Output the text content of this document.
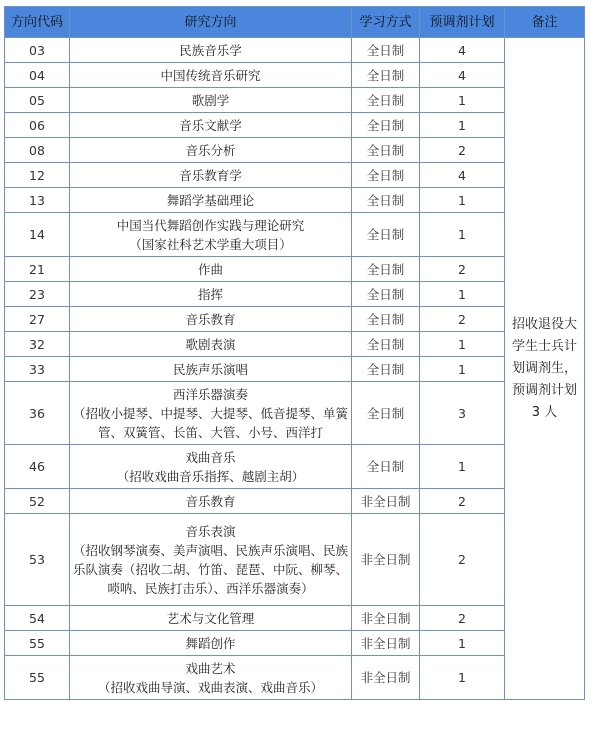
方向代码	研究方向	学习方式	预调剂计划	备注
03	民族音乐学	全日制	4	招收退役大学生士兵计划调剂生，预调剂计划 3 人
04	中国传统音乐研究	全日制	4	
05	歌剧学	全日制	1	
06	音乐文献学	全日制	1	
08	音乐分析	全日制	2	
12	音乐教育学	全日制	4	
13	舞蹈学基础理论	全日制	1	
14	中国当代舞蹈创作实践与理论研究
（国家社科艺术学重大项目）	全日制	1	
21	作曲	全日制	2	
23	指挥	全日制	1	
27	音乐教育	全日制	2	
32	歌剧表演	全日制	1	
33	民族声乐演唱	全日制	1	
36	西洋乐器演奏
（招收小提琴、中提琴、大提琴、低音提琴、单簧管、双簧管、长笛、大管、小号、西洋打	全日制	3	
46	戏曲音乐
（招收戏曲音乐指挥、越剧主胡）	全日制	1	
52	音乐教育	非全日制	2	
53	音乐表演
（招收钢琴演奏、美声演唱、民族声乐演唱、民族乐队演奏（招收二胡、竹笛、琵琶、中阮、柳琴、唢呐、民族打击乐）、西洋乐器演奏）	非全日制	2	
54	艺术与文化管理	非全日制	2	
55	舞蹈创作	非全日制	1	
55	戏曲艺术
（招收戏曲导演、戏曲表演、戏曲音乐）	非全日制	1	
